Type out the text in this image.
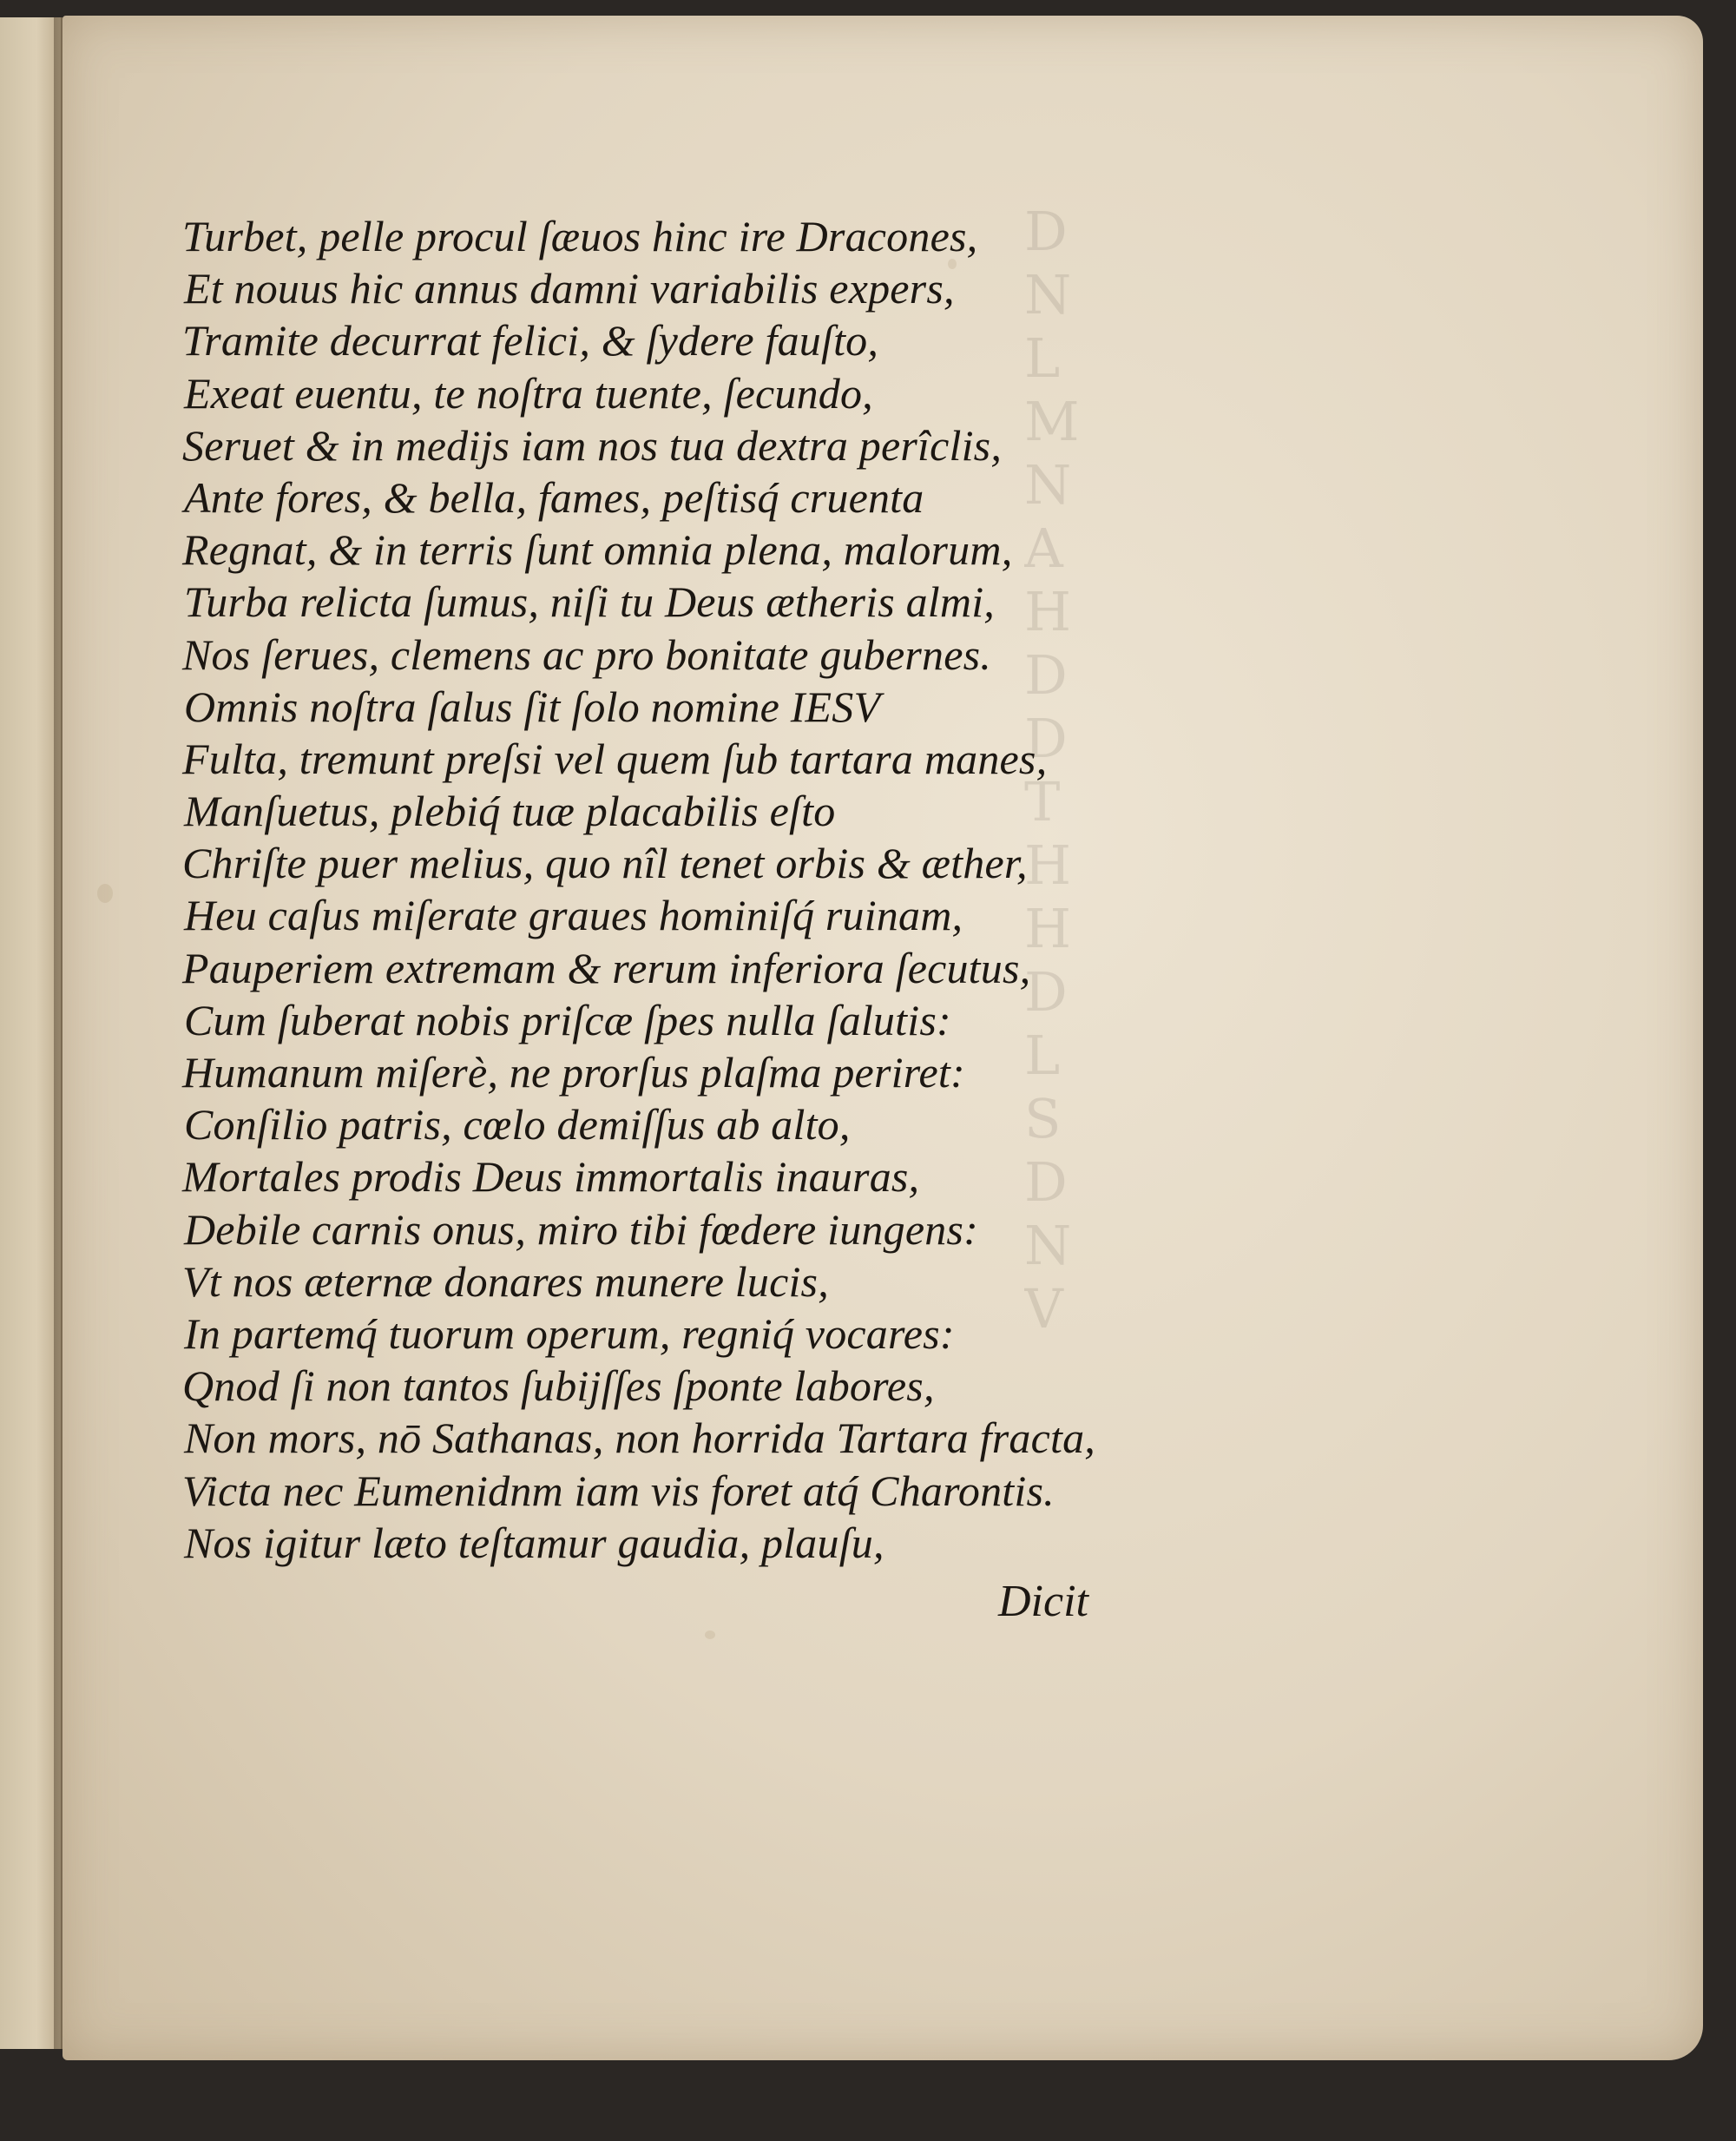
D
N
L
M
N
A
H
D
D
T
H
H
D
L
S
D
N
V
Turbet, pelle procul ſæuos hinc ire Dracones,
Et nouus hic annus damni variabilis expers,
Tramite decurrat felici, & ſydere fauſto,
Exeat euentu, te noſtra tuente, ſecundo,
Seruet & in medijs iam nos tua dextra perîclis,
Ante fores, & bella, fames, peſtisq́ cruenta
Regnat, & in terris ſunt omnia plena, malorum,
Turba relicta ſumus, niſi tu Deus ætheris almi,
Nos ſerues, clemens ac pro bonitate gubernes.
Omnis noſtra ſalus ſit ſolo nomine IESV
Fulta, tremunt preſsi vel quem ſub tartara manes,
Manſuetus, plebiq́ tuæ placabilis eſto
Chriſte puer melius, quo nîl tenet orbis & æther,
Heu caſus miſerate graues hominiſq́ ruinam,
Pauperiem extremam & rerum inferiora ſecutus,
Cum ſuberat nobis priſcæ ſpes nulla ſalutis:
Humanum miſerè, ne prorſus plaſma periret:
Conſilio patris, cœlo demiſſus ab alto,
Mortales prodis Deus immortalis inauras,
Debile carnis onus, miro tibi fœdere iungens:
Vt nos æternæ donares munere lucis,
In partemq́ tuorum operum, regniq́ vocares:
Qnod ſi non tantos ſubijſſes ſponte labores,
Non mors, nō Sathanas, non horrida Tartara fracta,
Victa nec Eumenidnm iam vis foret atq́ Charontis.
Nos igitur læto teſtamur gaudia, plauſu,
Dicit
